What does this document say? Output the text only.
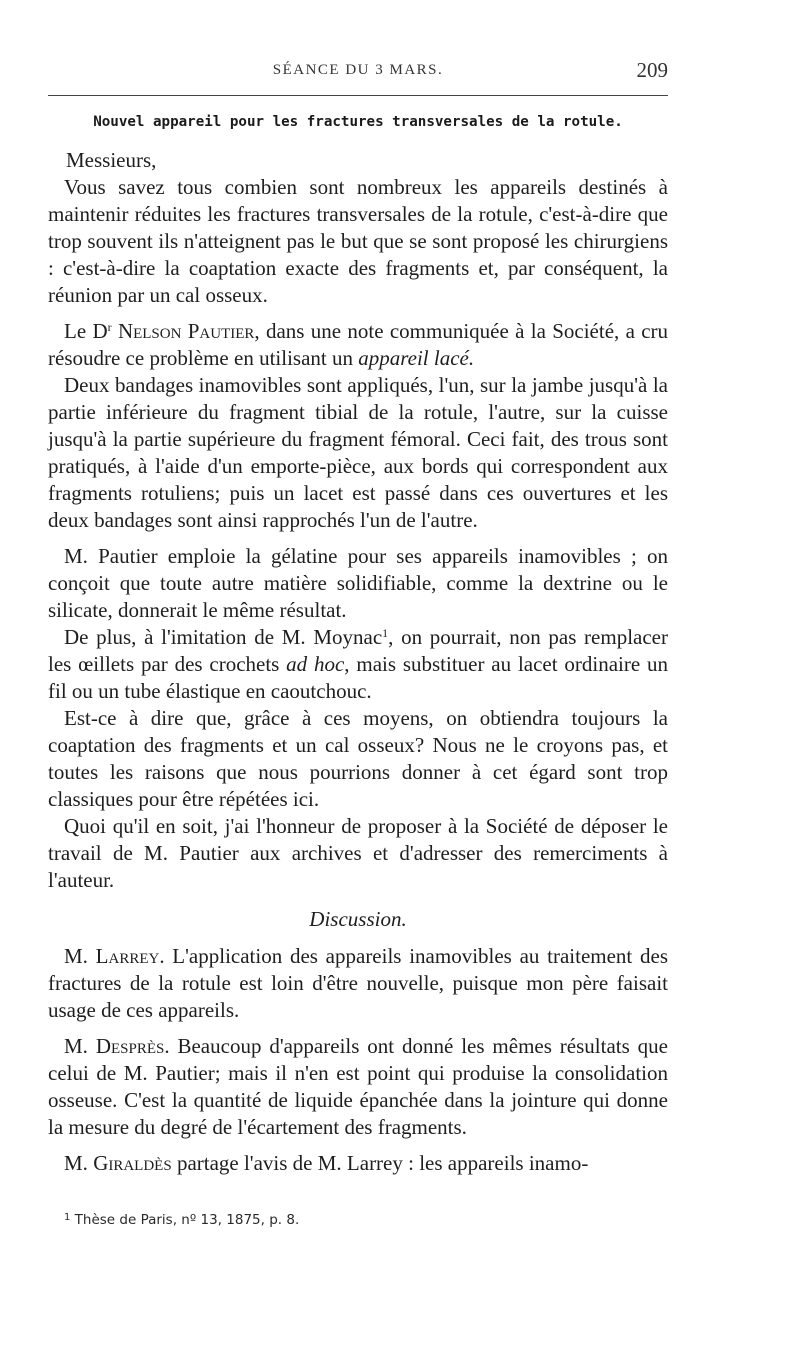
SÉANCE DU 3 MARS.	209
Nouvel appareil pour les fractures transversales de la rotule.

Messieurs,

Vous savez tous combien sont nombreux les appareils destinés à maintenir réduites les fractures transversales de la rotule, c'est-à-dire que trop souvent ils n'atteignent pas le but que se sont proposé les chirurgiens : c'est-à-dire la coaptation exacte des fragments et, par conséquent, la réunion par un cal osseux.

Le $D^r$ Nelson Pautier, dans une note communiquée à la Société, a cru résoudre ce problème en utilisant un appareil lacé.

Deux bandages inamovibles sont appliqués, l'un, sur la jambe jusqu'à la partie inférieure du fragment tibial de la rotule, l'autre, sur la cuisse jusqu'à la partie supérieure du fragment fémoral. Ceci fait, des trous sont pratiqués, à l'aide d'un emporte-pièce, aux bords qui correspondent aux fragments rotuliens; puis un lacet est passé dans ces ouvertures et les deux bandages sont ainsi rapprochés l'un de l'autre.

M. Pautier emploie la gélatine pour ses appareils inamovibles ; on conçoit que toute autre matière solidifiable, comme la dextrine ou le silicate, donnerait le même résultat.

De plus, à l'imitation de M. Moynac$^1$, on pourrait, non pas remplacer les œillets par des crochets ad hoc, mais substituer au lacet ordinaire un fil ou un tube élastique en caoutchouc.

Est-ce à dire que, grâce à ces moyens, on obtiendra toujours la coaptation des fragments et un cal osseux? Nous ne le croyons pas, et toutes les raisons que nous pourrions donner à cet égard sont trop classiques pour être répétées ici.

Quoi qu'il en soit, j'ai l'honneur de proposer à la Société de déposer le travail de M. Pautier aux archives et d'adresser des remerciments à l'auteur.

Discussion.

M. Larrey. L'application des appareils inamovibles au traitement des fractures de la rotule est loin d'être nouvelle, puisque mon père faisait usage de ces appareils.

M. Desprès. Beaucoup d'appareils ont donné les mêmes résultats que celui de M. Pautier; mais il n'en est point qui produise la consolidation osseuse. C'est la quantité de liquide épanchée dans la jointure qui donne la mesure du degré de l'écartement des fragments.

M. Giraldès partage l'avis de M. Larrey : les appareils inamo-

$^1$ Thèse de Paris, nº 13, 1875, p. 8.
